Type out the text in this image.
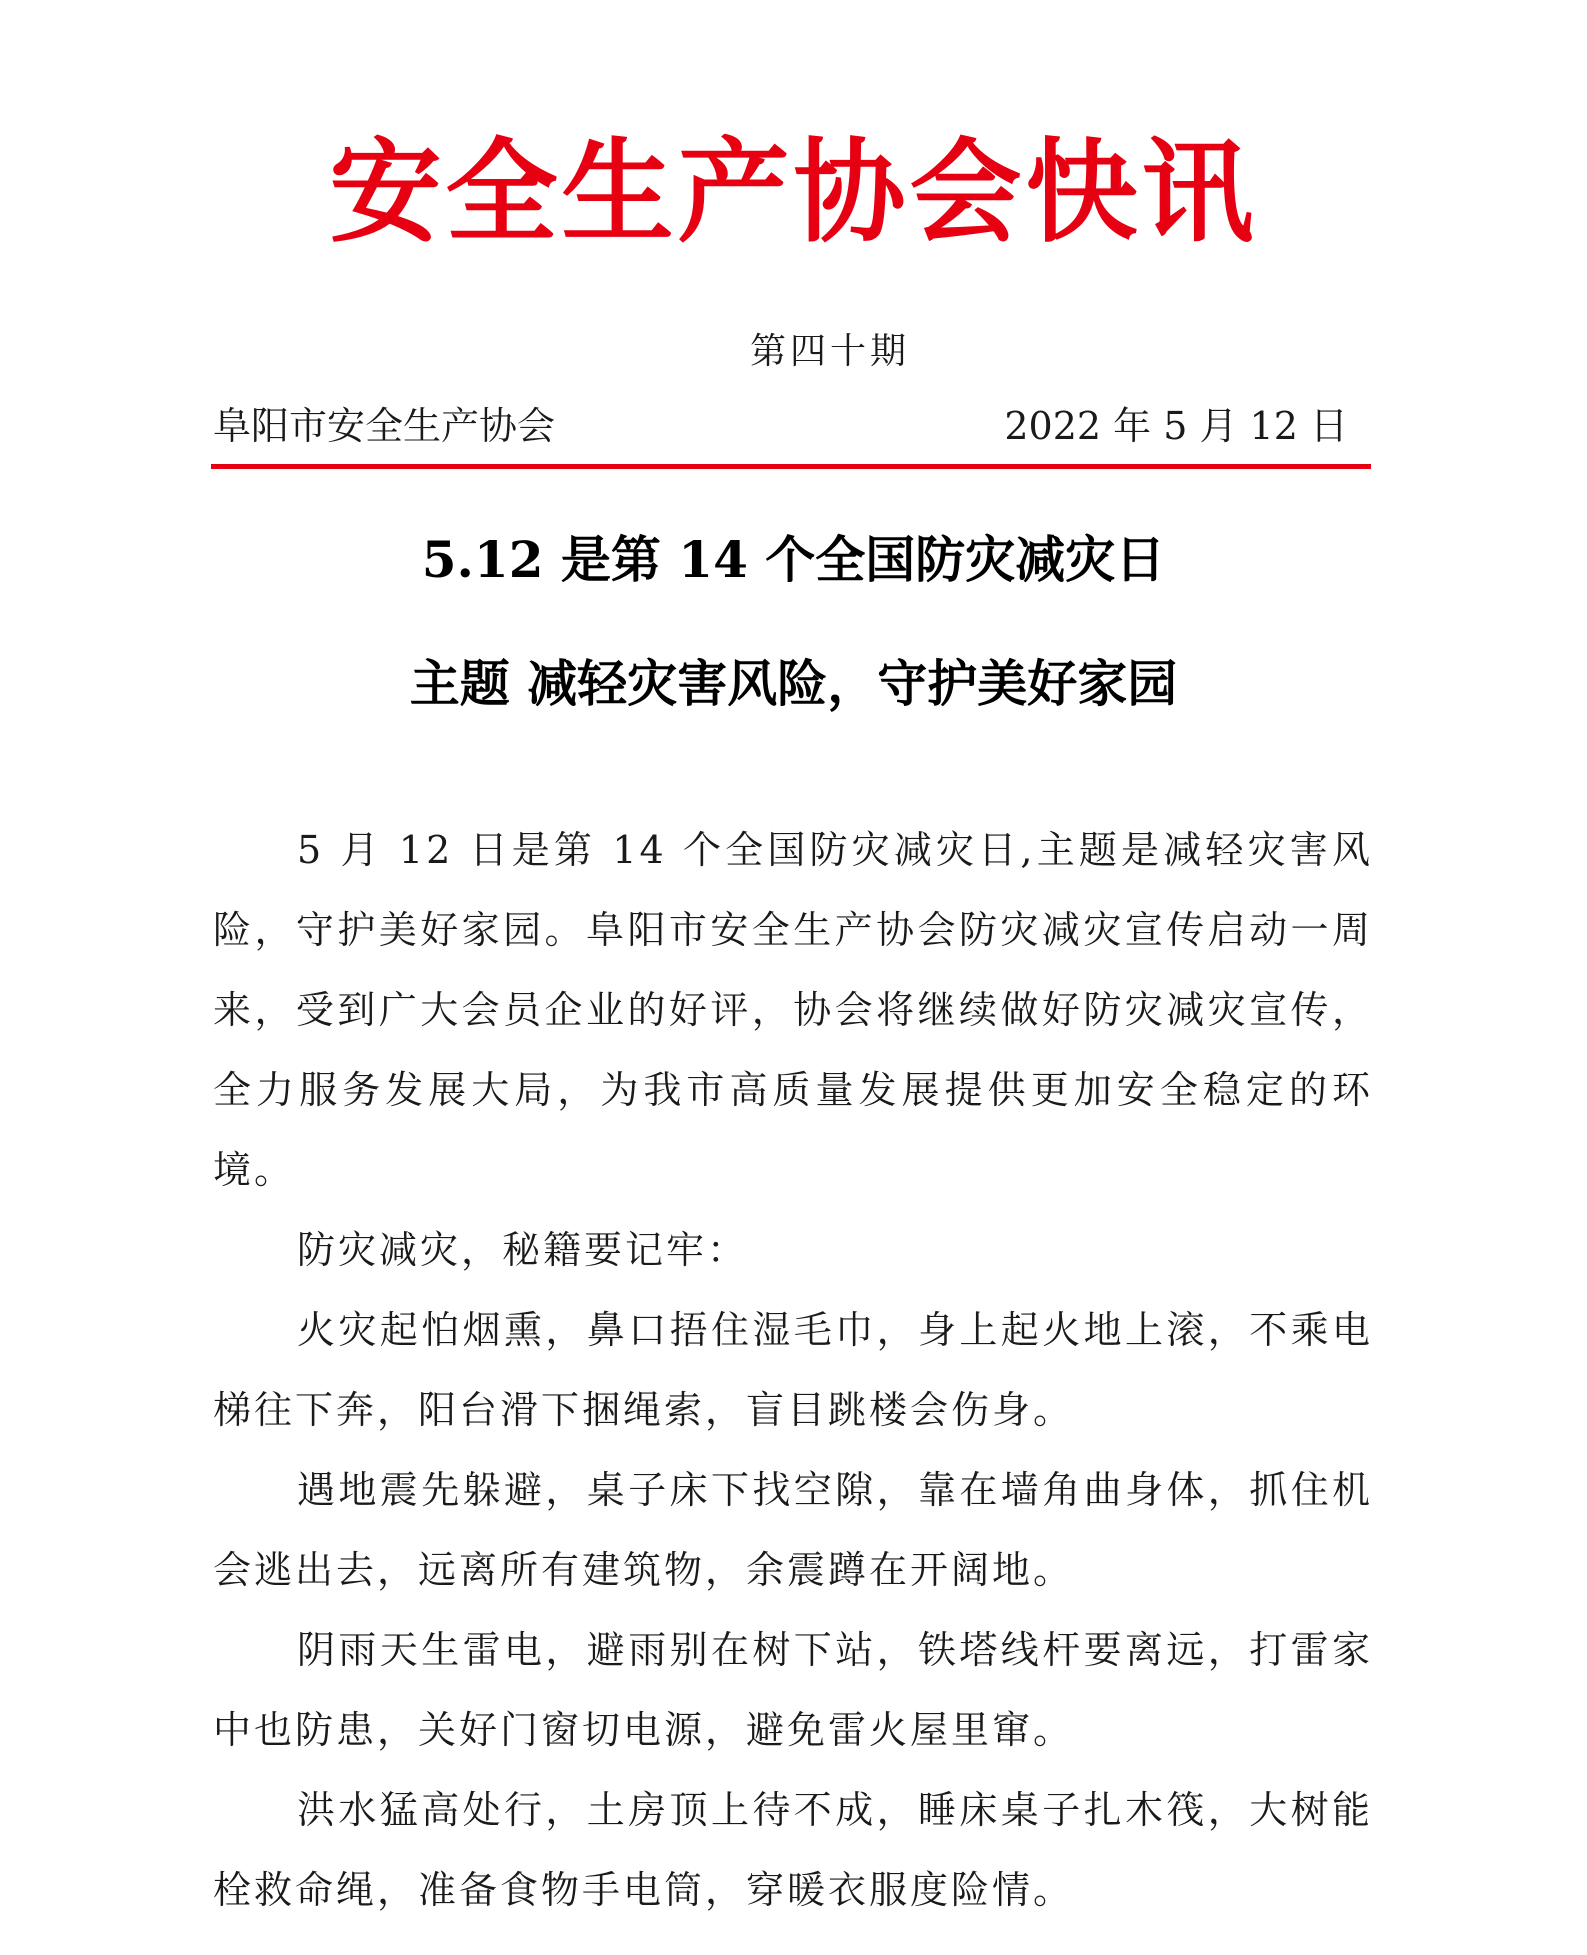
安全生产协会快讯
第四十期
阜阳市安全生产协会	2022 年 5 月 12 日
5.12 是第 14 个全国防灾减灾日
主题 减轻灾害风险，守护美好家园

5 月 12 日是第 14 个全国防灾减灾日,主题是减轻灾害风险，守护美好家园。阜阳市安全生产协会防灾减灾宣传启动一周来，受到广大会员企业的好评，协会将继续做好防灾减灾宣传，全力服务发展大局，为我市高质量发展提供更加安全稳定的环境。

防灾减灾，秘籍要记牢：

火灾起怕烟熏，鼻口捂住湿毛巾，身上起火地上滚，不乘电梯往下奔，阳台滑下捆绳索，盲目跳楼会伤身。

遇地震先躲避，桌子床下找空隙，靠在墙角曲身体，抓住机会逃出去，远离所有建筑物，余震蹲在开阔地。

阴雨天生雷电，避雨别在树下站，铁塔线杆要离远，打雷家中也防患，关好门窗切电源，避免雷火屋里窜。

洪水猛高处行，土房顶上待不成，睡床桌子扎木筏，大树能栓救命绳，准备食物手电筒，穿暖衣服度险情。
